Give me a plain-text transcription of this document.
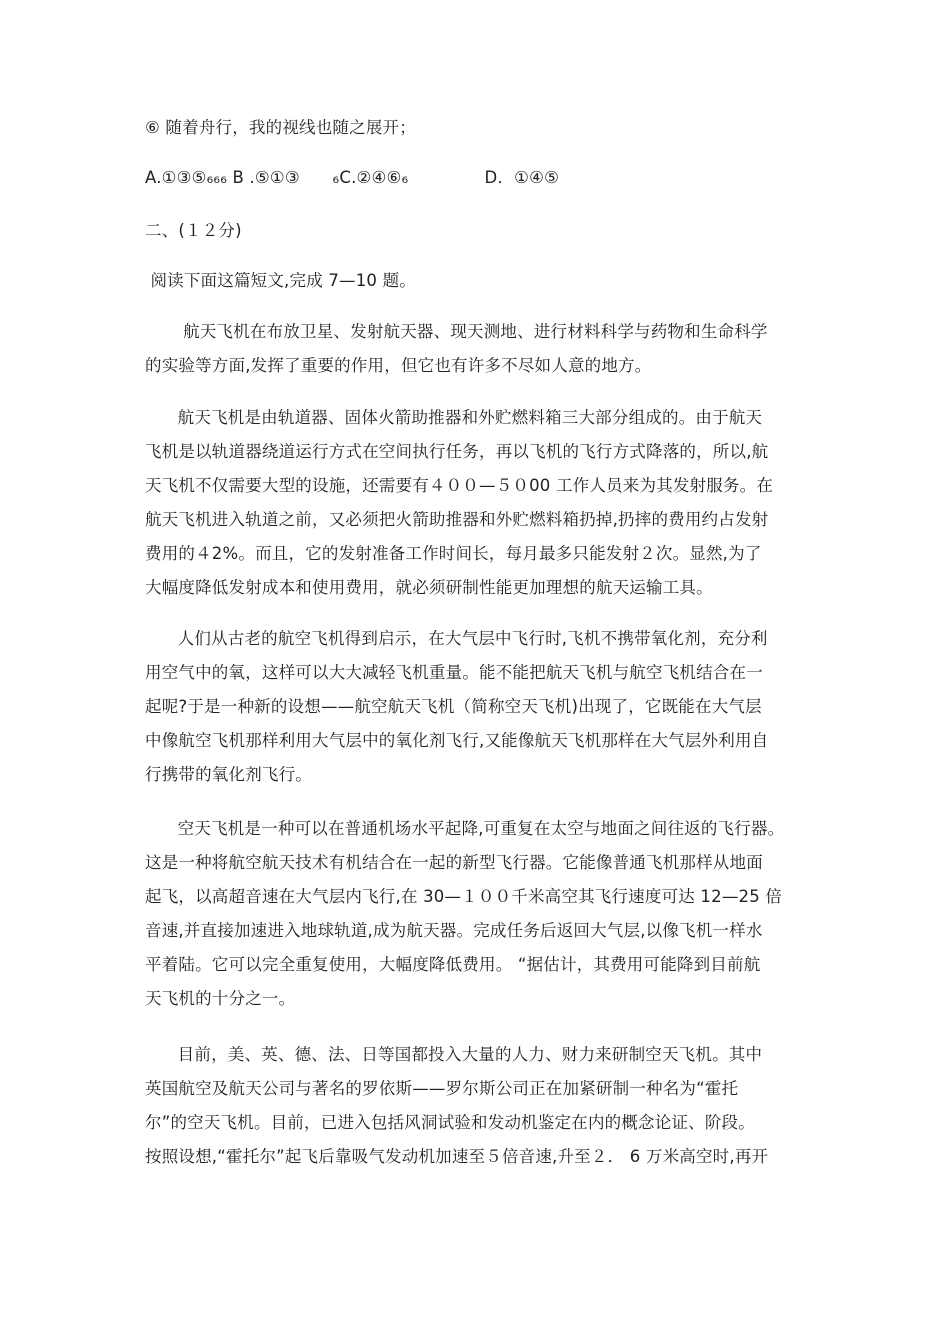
⑥ 随着舟行，我的视线也随之展开；
A.①③⑤₆₆₆ B .⑤①③      ₆C.②④⑥₆              D．①④⑤
二、(１２分)
阅读下面这篇短文,完成 7—10 题。
航天飞机在布放卫星、发射航天器、现天测地、进行材料科学与药物和生命科学
的实验等方面,发挥了重要的作用，但它也有许多不尽如人意的地方。
航天飞机是由轨道器、固体火箭助推器和外贮燃料箱三大部分组成的。由于航天
飞机是以轨道器绕道运行方式在空间执行任务，再以飞机的飞行方式降落的，所以,航
天飞机不仅需要大型的设施，还需要有４００—５０00 工作人员来为其发射服务。在
航天飞机进入轨道之前，又必须把火箭助推器和外贮燃料箱扔掉,扔摔的费用约占发射
费用的４2%。而且，它的发射准备工作时间长，每月最多只能发射２次。显然,为了
大幅度降低发射成本和使用费用，就必须研制性能更加理想的航天运输工具。
人们从古老的航空飞机得到启示，在大气层中飞行时,飞机不携带氧化剂，充分利
用空气中的氧，这样可以大大减轻飞机重量。能不能把航天飞机与航空飞机结合在一
起呢?于是一种新的设想——航空航天飞机（简称空天飞机)出现了，它既能在大气层
中像航空飞机那样利用大气层中的氧化剂飞行,又能像航天飞机那样在大气层外利用自
行携带的氧化剂飞行。
空天飞机是一种可以在普通机场水平起降,可重复在太空与地面之间往返的飞行器。
这是一种将航空航天技术有机结合在一起的新型飞行器。它能像普通飞机那样从地面
起飞，以高超音速在大气层内飞行,在 30—１００千米高空其飞行速度可达 12—25 倍
音速,并直接加速进入地球轨道,成为航天器。完成任务后返回大气层,以像飞机一样水
平着陆。它可以完全重复使用，大幅度降低费用。 “据估计，其费用可能降到目前航
天飞机的十分之一。
目前，美、英、德、法、日等国都投入大量的人力、财力来研制空天飞机。其中
英国航空及航天公司与著名的罗依斯——罗尔斯公司正在加紧研制一种名为“霍托
尔”的空天飞机。目前，已进入包括风洞试验和发动机鉴定在内的概念论证、阶段。
按照设想,“霍托尔”起飞后靠吸气发动机加速至５倍音速,升至２． 6 万米高空时,再开
